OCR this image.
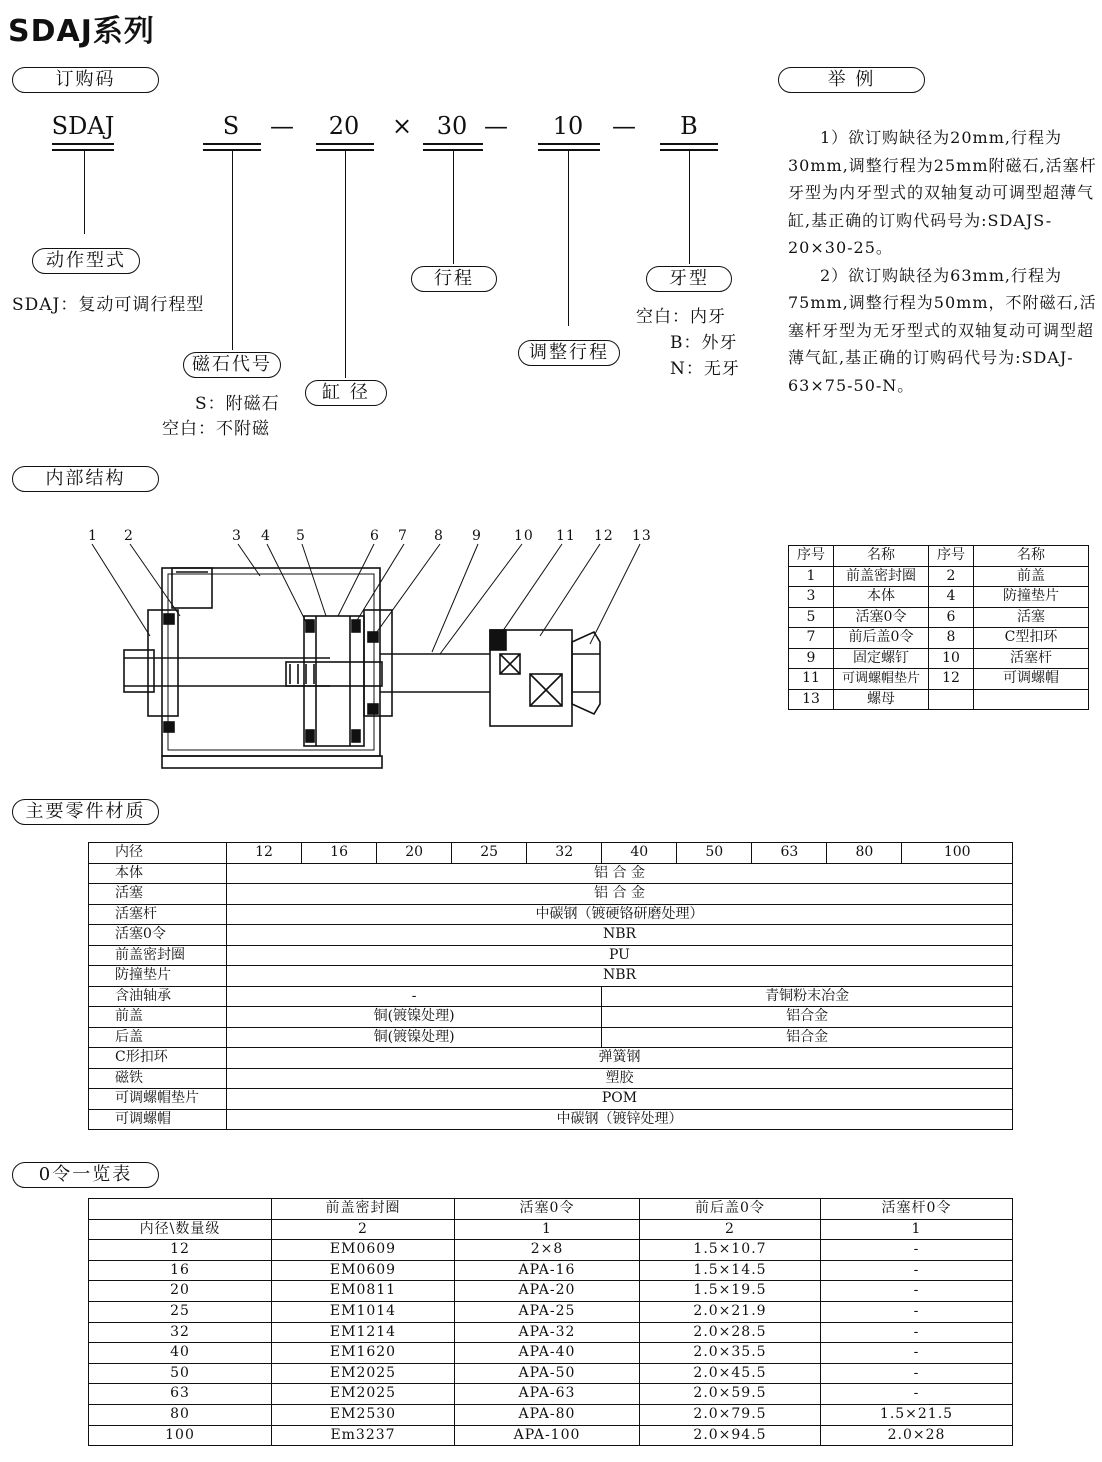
SDAJ系列
订购码	举 例
SDAJ	S	—	20	×	30 —	10	—	B
动作型式
SDAJ：复动可调行程型
磁石代号
S：附磁石
空白：不附磁
缸 径
行程
调整行程
牙型
空白：内牙
B：外牙
N：无牙

1）欲订购缺径为20mm,行程为30mm,调整行程为25mm附磁石,活塞杆牙型为内牙型式的双轴复动可调型超薄气缸,基正确的订购代码号为:SDAJS-20×30-25。

2）欲订购缺径为63mm,行程为75mm,调整行程为50mm，不附磁石,活塞杆牙型为无牙型式的双轴复动可调型超薄气缸,基正确的订购码代号为:SDAJ-63×75-50-N。

内部结构
1 2	3 4 5	6 7 8 9 10 11 12 13
序号	名称	序号	名称
1	前盖密封圈	2	前盖
3	本体	4	防撞垫片
5	活塞0令	6	活塞
7	前后盖0令	8	C型扣环
9	固定螺钉	10	活塞杆
11	可调螺帽垫片	12	可调螺帽
13	螺母		
主要零件材质
内径	12	16	20	25	32	40	50	63	80	100
本体	铝 合 金									
活塞	铝 合 金									
活塞杆	中碳钢（镀硬铬研磨处理）									
活塞0令	NBR									
前盖密封圈	PU									
防撞垫片	NBR									
含油轴承	-					青铜粉末冶金				
前盖	铜(镀镍处理)					铝合金				
后盖	铜(镀镍处理)					铝合金				
C形扣环	弹簧钢									
磁铁	塑胶									
可调螺帽垫片	POM									
可调螺帽	中碳钢（镀锌处理）									
0令一览表
	前盖密封圈	活塞0令	前后盖0令	活塞杆0令
内径\数量级	2	1	2	1
12	EM0609	2×8	1.5×10.7	-
16	EM0609	APA-16	1.5×14.5	-
20	EM0811	APA-20	1.5×19.5	-
25	EM1014	APA-25	2.0×21.9	-
32	EM1214	APA-32	2.0×28.5	-
40	EM1620	APA-40	2.0×35.5	-
50	EM2025	APA-50	2.0×45.5	-
63	EM2025	APA-63	2.0×59.5	-
80	EM2530	APA-80	2.0×79.5	1.5×21.5
100	Em3237	APA-100	2.0×94.5	2.0×28
